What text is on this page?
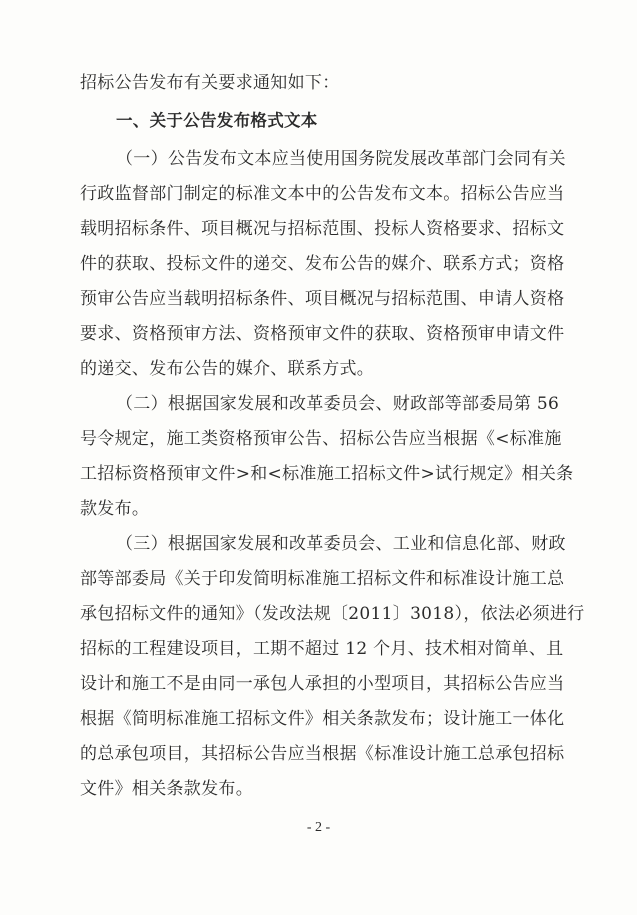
招标公告发布有关要求通知如下：
一、关于公告发布格式文本
（一）公告发布文本应当使用国务院发展改革部门会同有关
行政监督部门制定的标准文本中的公告发布文本。招标公告应当
载明招标条件、项目概况与招标范围、投标人资格要求、招标文
件的获取、投标文件的递交、发布公告的媒介、联系方式；资格
预审公告应当载明招标条件、项目概况与招标范围、申请人资格
要求、资格预审方法、资格预审文件的获取、资格预审申请文件
的递交、发布公告的媒介、联系方式。
（二）根据国家发展和改革委员会、财政部等部委局第 56
号令规定，施工类资格预审公告、招标公告应当根据《<标准施
工招标资格预审文件>和<标准施工招标文件>试行规定》相关条
款发布。
（三）根据国家发展和改革委员会、工业和信息化部、财政
部等部委局《关于印发简明标准施工招标文件和标准设计施工总
承包招标文件的通知》（发改法规〔2011〕3018），依法必须进行
招标的工程建设项目，工期不超过 12 个月、技术相对简单、且
设计和施工不是由同一承包人承担的小型项目，其招标公告应当
根据《简明标准施工招标文件》相关条款发布；设计施工一体化
的总承包项目，其招标公告应当根据《标准设计施工总承包招标
文件》相关条款发布。
- 2 -
